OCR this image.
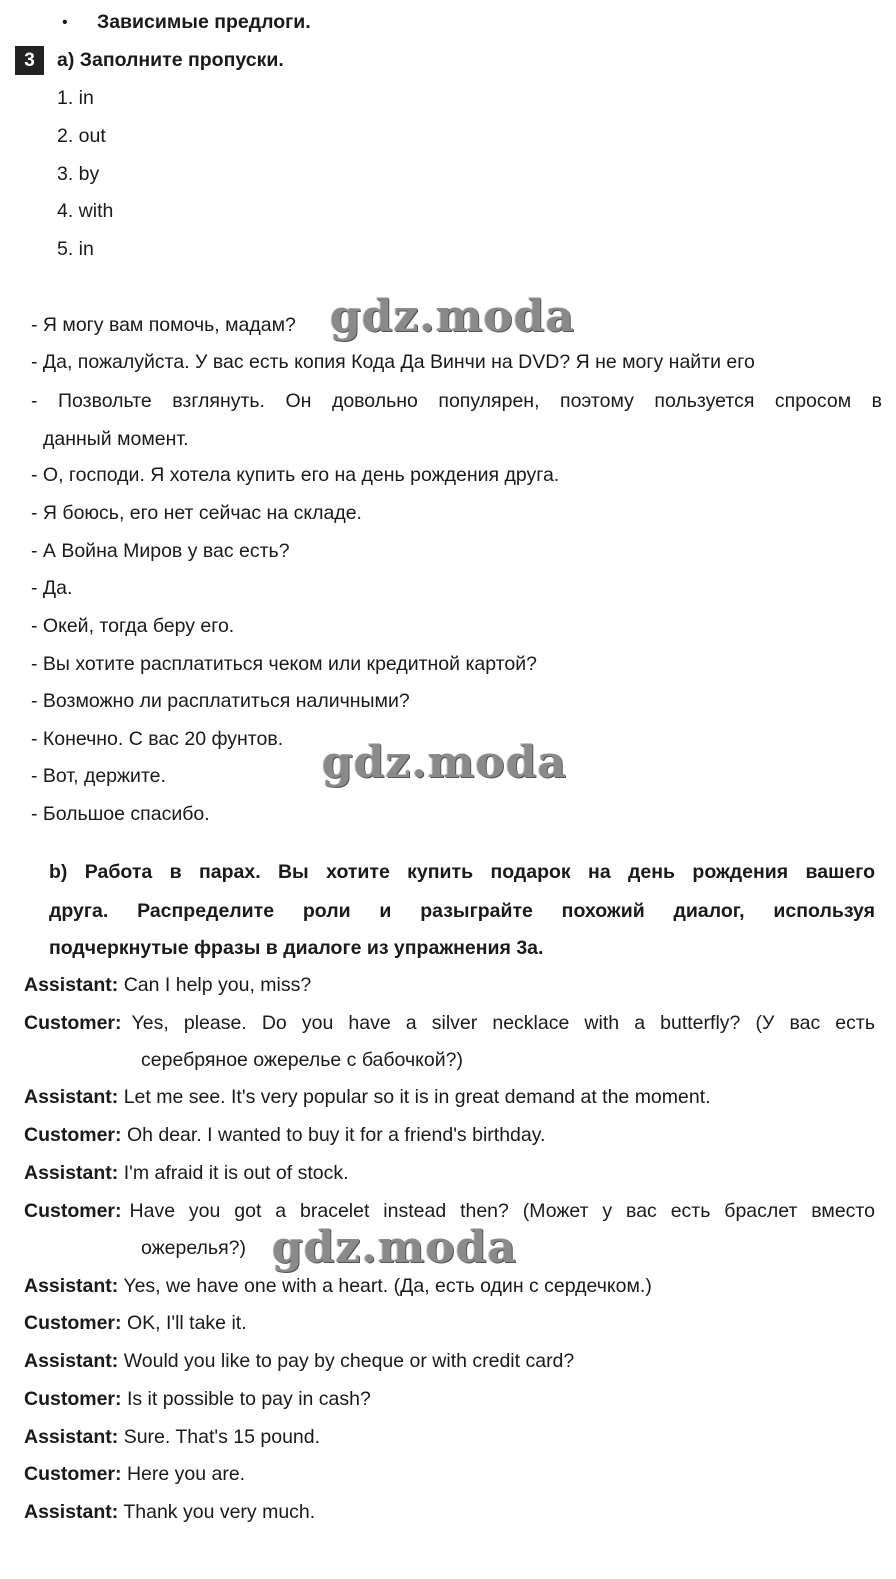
• Зависимые предлоги.
3	a) Заполните пропуски.
1. in
2. out
3. by
4. with
5. in
- Я могу вам помочь, мадам?
- Да, пожалуйста. У вас есть копия Кода Да Винчи на DVD? Я не могу найти его
- Позвольте взглянуть. Он довольно популярен, поэтому пользуется спросом в
данный момент.
- О, господи. Я хотела купить его на день рождения друга.
- Я боюсь, его нет сейчас на складе.
- А Война Миров у вас есть?
- Да.
- Окей, тогда беру его.
- Вы хотите расплатиться чеком или кредитной картой?
- Возможно ли расплатиться наличными?
- Конечно. С вас 20 фунтов.
- Вот, держите.
- Большое спасибо.
b) Работа в парах. Вы хотите купить подарок на день рождения вашего
друга. Распределите роли и разыграйте похожий диалог, используя
подчеркнутые фразы в диалоге из упражнения 3а.
Assistant: Can I help you, miss?
Customer: Yes, please. Do you have a silver necklace with a butterfly? (У вас есть
серебряное ожерелье с бабочкой?)
Assistant: Let me see. It's very popular so it is in great demand at the moment.
Customer: Oh dear. I wanted to buy it for a friend's birthday.
Assistant: I'm afraid it is out of stock.
Customer: Have you got a bracelet instead then? (Может у вас есть браслет вместо
ожерелья?)
Assistant: Yes, we have one with a heart. (Да, есть один с сердечком.)
Customer: OK, I'll take it.
Assistant: Would you like to pay by cheque or with credit card?
Customer: Is it possible to pay in cash?
Assistant: Sure. That's 15 pound.
Customer: Here you are.
Assistant: Thank you very much.
gdz.moda
gdz.moda
gdz.moda
